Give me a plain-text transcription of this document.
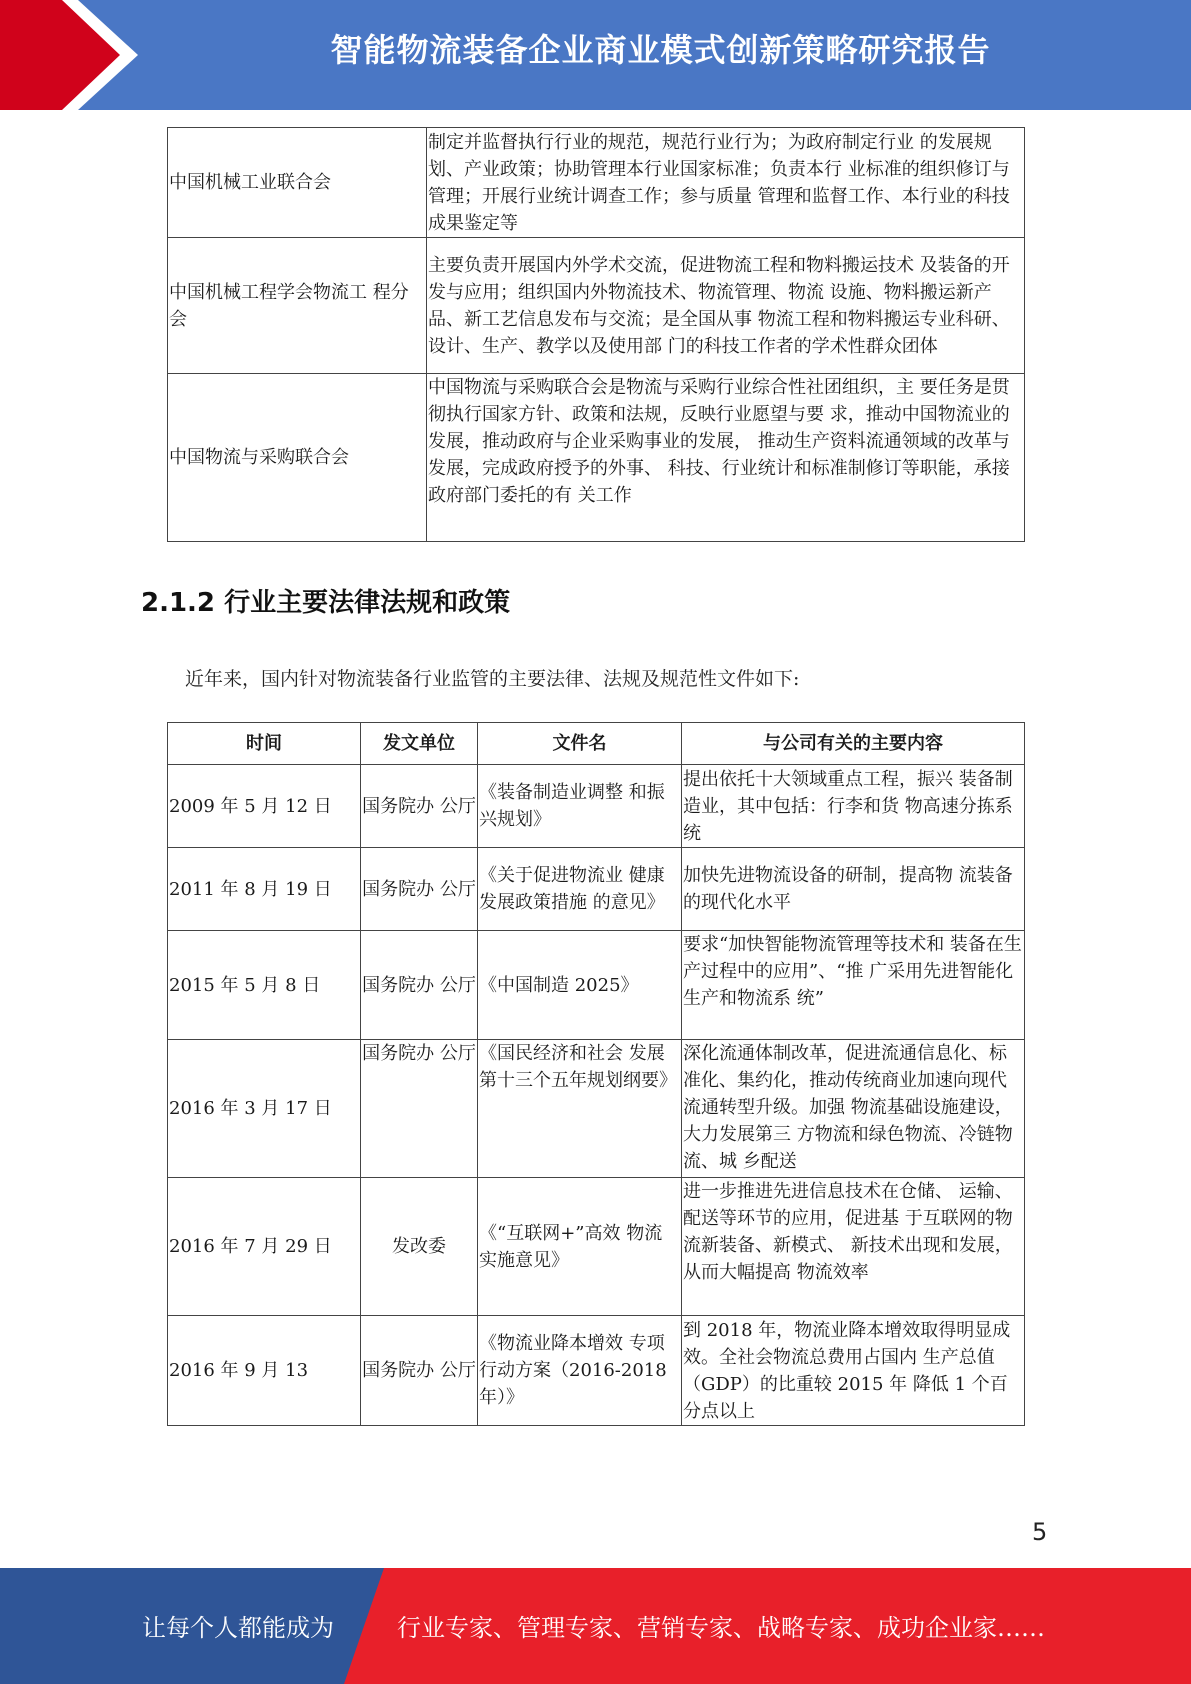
智能物流装备企业商业模式创新策略研究报告
中国机械工业联合会	制定并监督执行行业的规范，规范行业行为；为政府制定行业 的发展规划、产业政策；协助管理本行业国家标准；负责本行 业标准的组织修订与管理；开展行业统计调查工作；参与质量 管理和监督工作、本行业的科技成果鉴定等
中国机械工程学会物流工 程分会	主要负责开展国内外学术交流，促进物流工程和物料搬运技术 及装备的开发与应用；组织国内外物流技术、物流管理、物流 设施、物料搬运新产品、新工艺信息发布与交流；是全国从事 物流工程和物料搬运专业科研、设计、生产、教学以及使用部 门的科技工作者的学术性群众团体
中国物流与采购联合会	中国物流与采购联合会是物流与采购行业综合性社团组织，主 要任务是贯彻执行国家方针、政策和法规，反映行业愿望与要 求，推动中国物流业的发展，推动政府与企业采购事业的发展， 推动生产资料流通领域的改革与发展，完成政府授予的外事、 科技、行业统计和标准制修订等职能，承接政府部门委托的有 关工作
2.1.2 行业主要法律法规和政策
近年来，国内针对物流装备行业监管的主要法律、法规及规范性文件如下:
时间	发文单位	文件名	与公司有关的主要内容
2009 年 5 月 12 日	国务院办 公厅	《装备制造业调整 和振兴规划》	提出依托十大领域重点工程，振兴 装备制造业，其中包括：行李和货 物高速分拣系统
2011 年 8 月 19 日	国务院办 公厅	《关于促进物流业 健康发展政策措施 的意见》	加快先进物流设备的研制，提高物 流装备的现代化水平
2015 年 5 月 8 日	国务院办 公厅	《中国制造 2025》	要求“加快智能物流管理等技术和 装备在生产过程中的应用”、“推 广采用先进智能化生产和物流系 统”
2016 年 3 月 17 日	国务院办 公厅	《国民经济和社会 发展第十三个五年规划纲要》	深化流通体制改革，促进流通信息化、标准化、集约化，推动传统商业加速向现代流通转型升级。加强 物流基础设施建设，大力发展第三 方物流和绿色物流、冷链物流、城 乡配送
2016 年 7 月 29 日	发改委	《“互联网+”高效 物流实施意见》	进一步推进先进信息技术在仓储、 运输、配送等环节的应用，促进基 于互联网的物流新装备、新模式、 新技术出现和发展，从而大幅提高 物流效率
2016 年 9 月 13	国务院办 公厅	《物流业降本增效 专项行动方案（2016-2018 年）》	到 2018 年，物流业降本增效取得明显成效。全社会物流总费用占国内 生产总值（GDP）的比重较 2015 年 降低 1 个百分点以上
5
让每个人都能成为	行业专家、管理专家、营销专家、战略专家、成功企业家……
